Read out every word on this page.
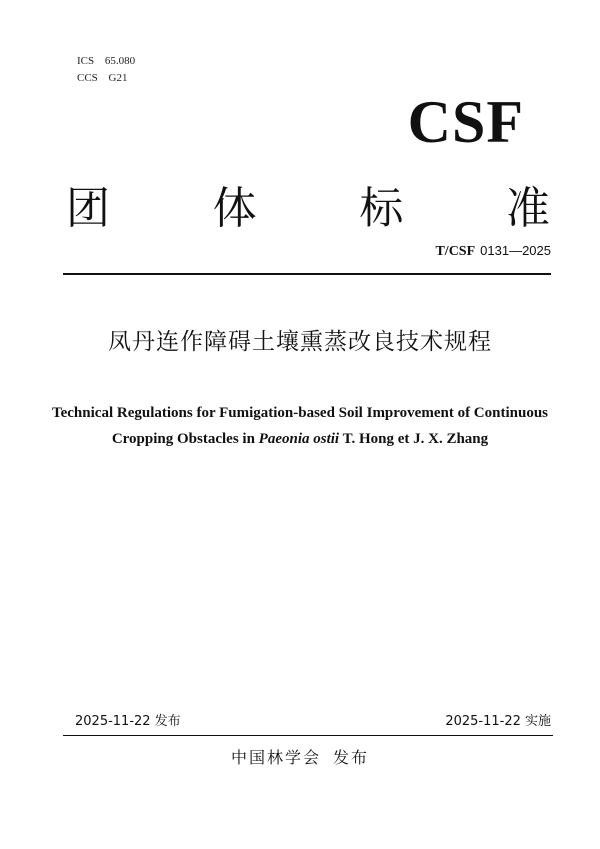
ICS 65.080
CCS G21
CSF
团 体 标 准
T/CSF 0131—2025
凤丹连作障碍土壤熏蒸改良技术规程
Technical Regulations for Fumigation-based Soil Improvement of Continuous
Cropping Obstacles in Paeonia ostii T. Hong et J. X. Zhang
2025-11-22 发布	2025-11-22 实施
中国林学会 发布
